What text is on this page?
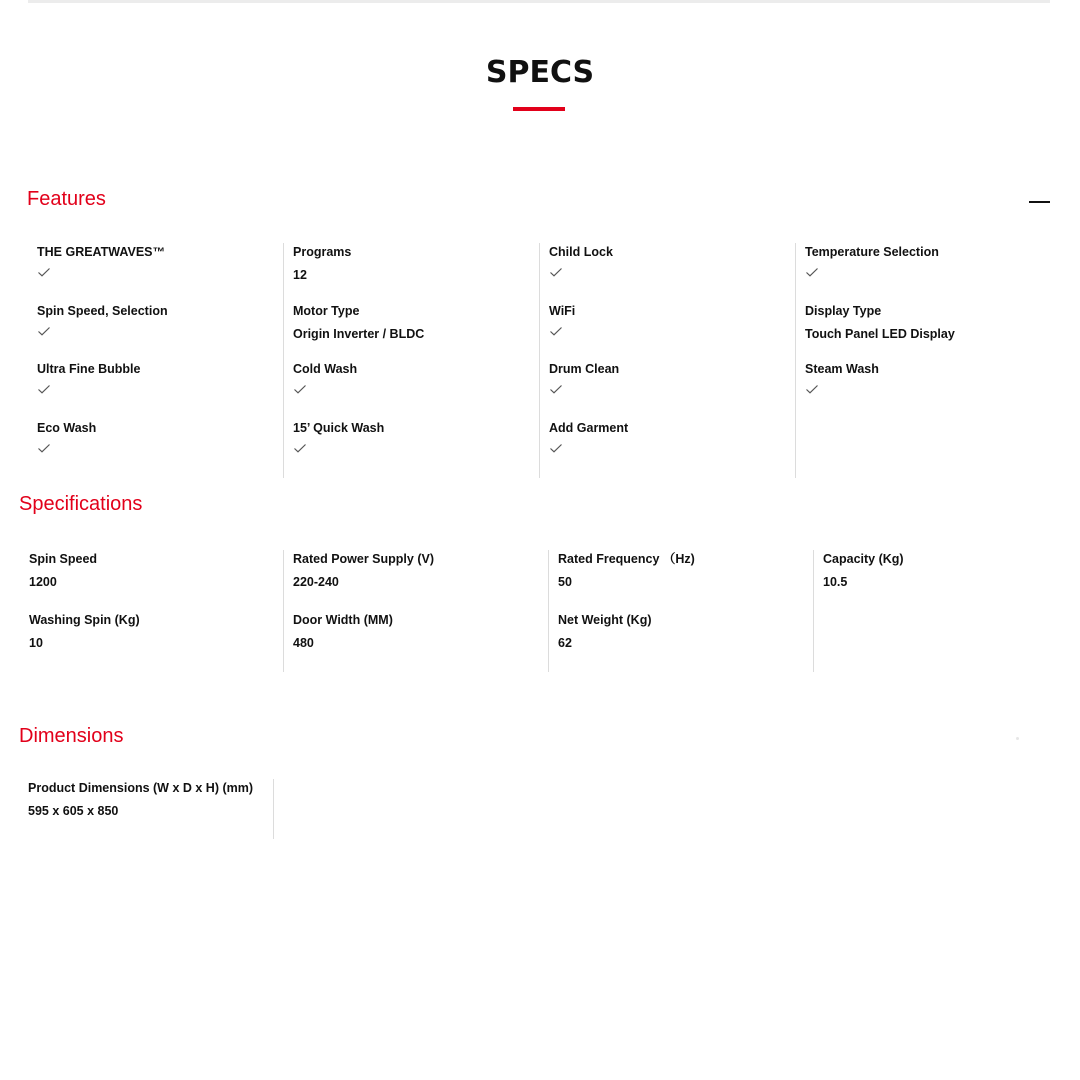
SPECS
Features
THE GREATWAVES™
Spin Speed, Selection
Ultra Fine Bubble
Eco Wash
Programs
12
Motor Type
Origin Inverter / BLDC
Cold Wash
15’ Quick Wash
Child Lock
WiFi
Drum Clean
Add Garment
Temperature Selection
Display Type
Touch Panel LED Display
Steam Wash
Specifications
Spin Speed
1200
Washing Spin (Kg)
10
Rated Power Supply (V)
220-240
Door Width (MM)
480
Rated Frequency （Hz)
50
Net Weight (Kg)
62
Capacity (Kg)
10.5
Dimensions
Product Dimensions (W x D x H) (mm)
595 x 605 x 850
